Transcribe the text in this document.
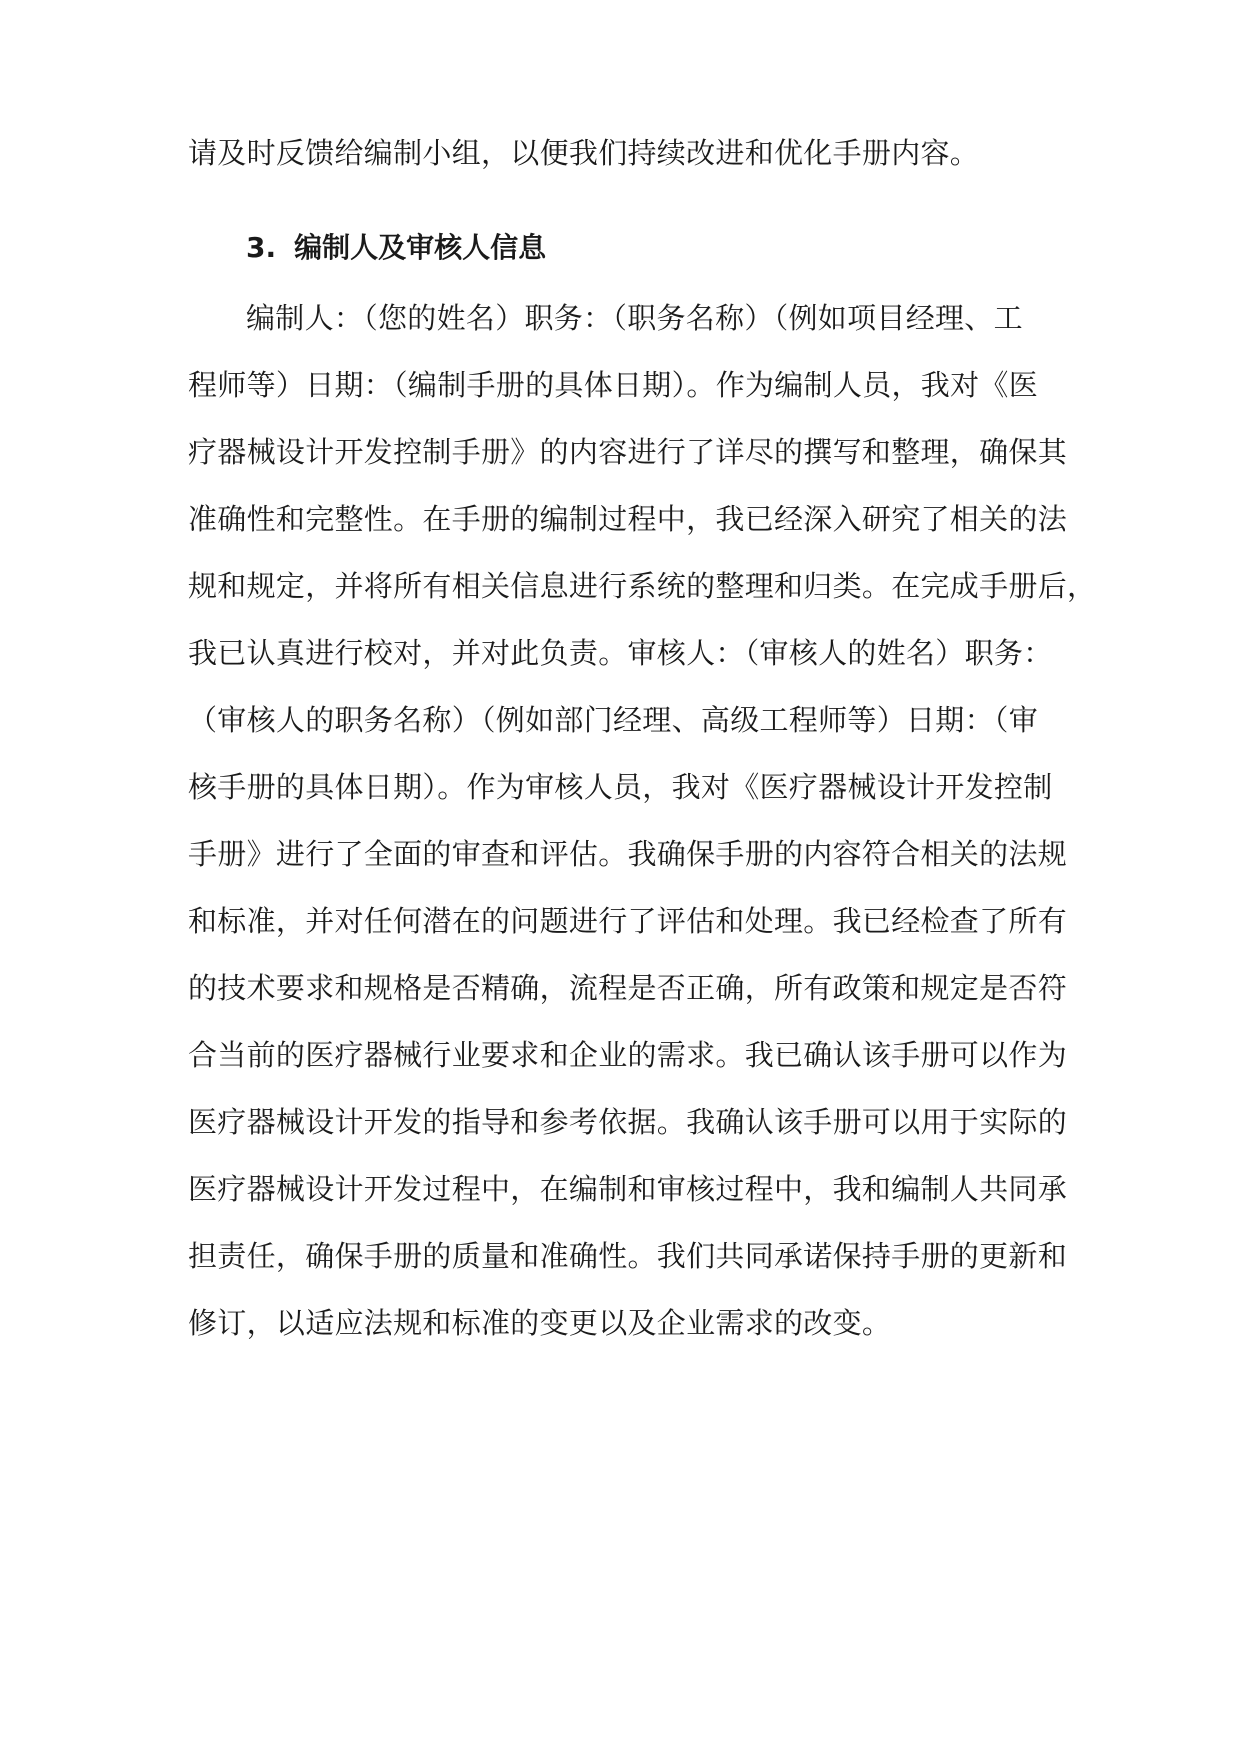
请及时反馈给编制小组，以便我们持续改进和优化手册内容。
3. 编制人及审核人信息
编制人：（您的姓名）职务：（职务名称）（例如项目经理、工
程师等）日期：（编制手册的具体日期）。作为编制人员，我对《医
疗器械设计开发控制手册》的内容进行了详尽的撰写和整理，确保其
准确性和完整性。在手册的编制过程中，我已经深入研究了相关的法
规和规定，并将所有相关信息进行系统的整理和归类。在完成手册后，
我已认真进行校对，并对此负责。审核人：（审核人的姓名）职务：
（审核人的职务名称）（例如部门经理、高级工程师等）日期：（审
核手册的具体日期）。作为审核人员，我对《医疗器械设计开发控制
手册》进行了全面的审查和评估。我确保手册的内容符合相关的法规
和标准，并对任何潜在的问题进行了评估和处理。我已经检查了所有
的技术要求和规格是否精确，流程是否正确，所有政策和规定是否符
合当前的医疗器械行业要求和企业的需求。我已确认该手册可以作为
医疗器械设计开发的指导和参考依据。我确认该手册可以用于实际的
医疗器械设计开发过程中，在编制和审核过程中，我和编制人共同承
担责任，确保手册的质量和准确性。我们共同承诺保持手册的更新和
修订，以适应法规和标准的变更以及企业需求的改变。
